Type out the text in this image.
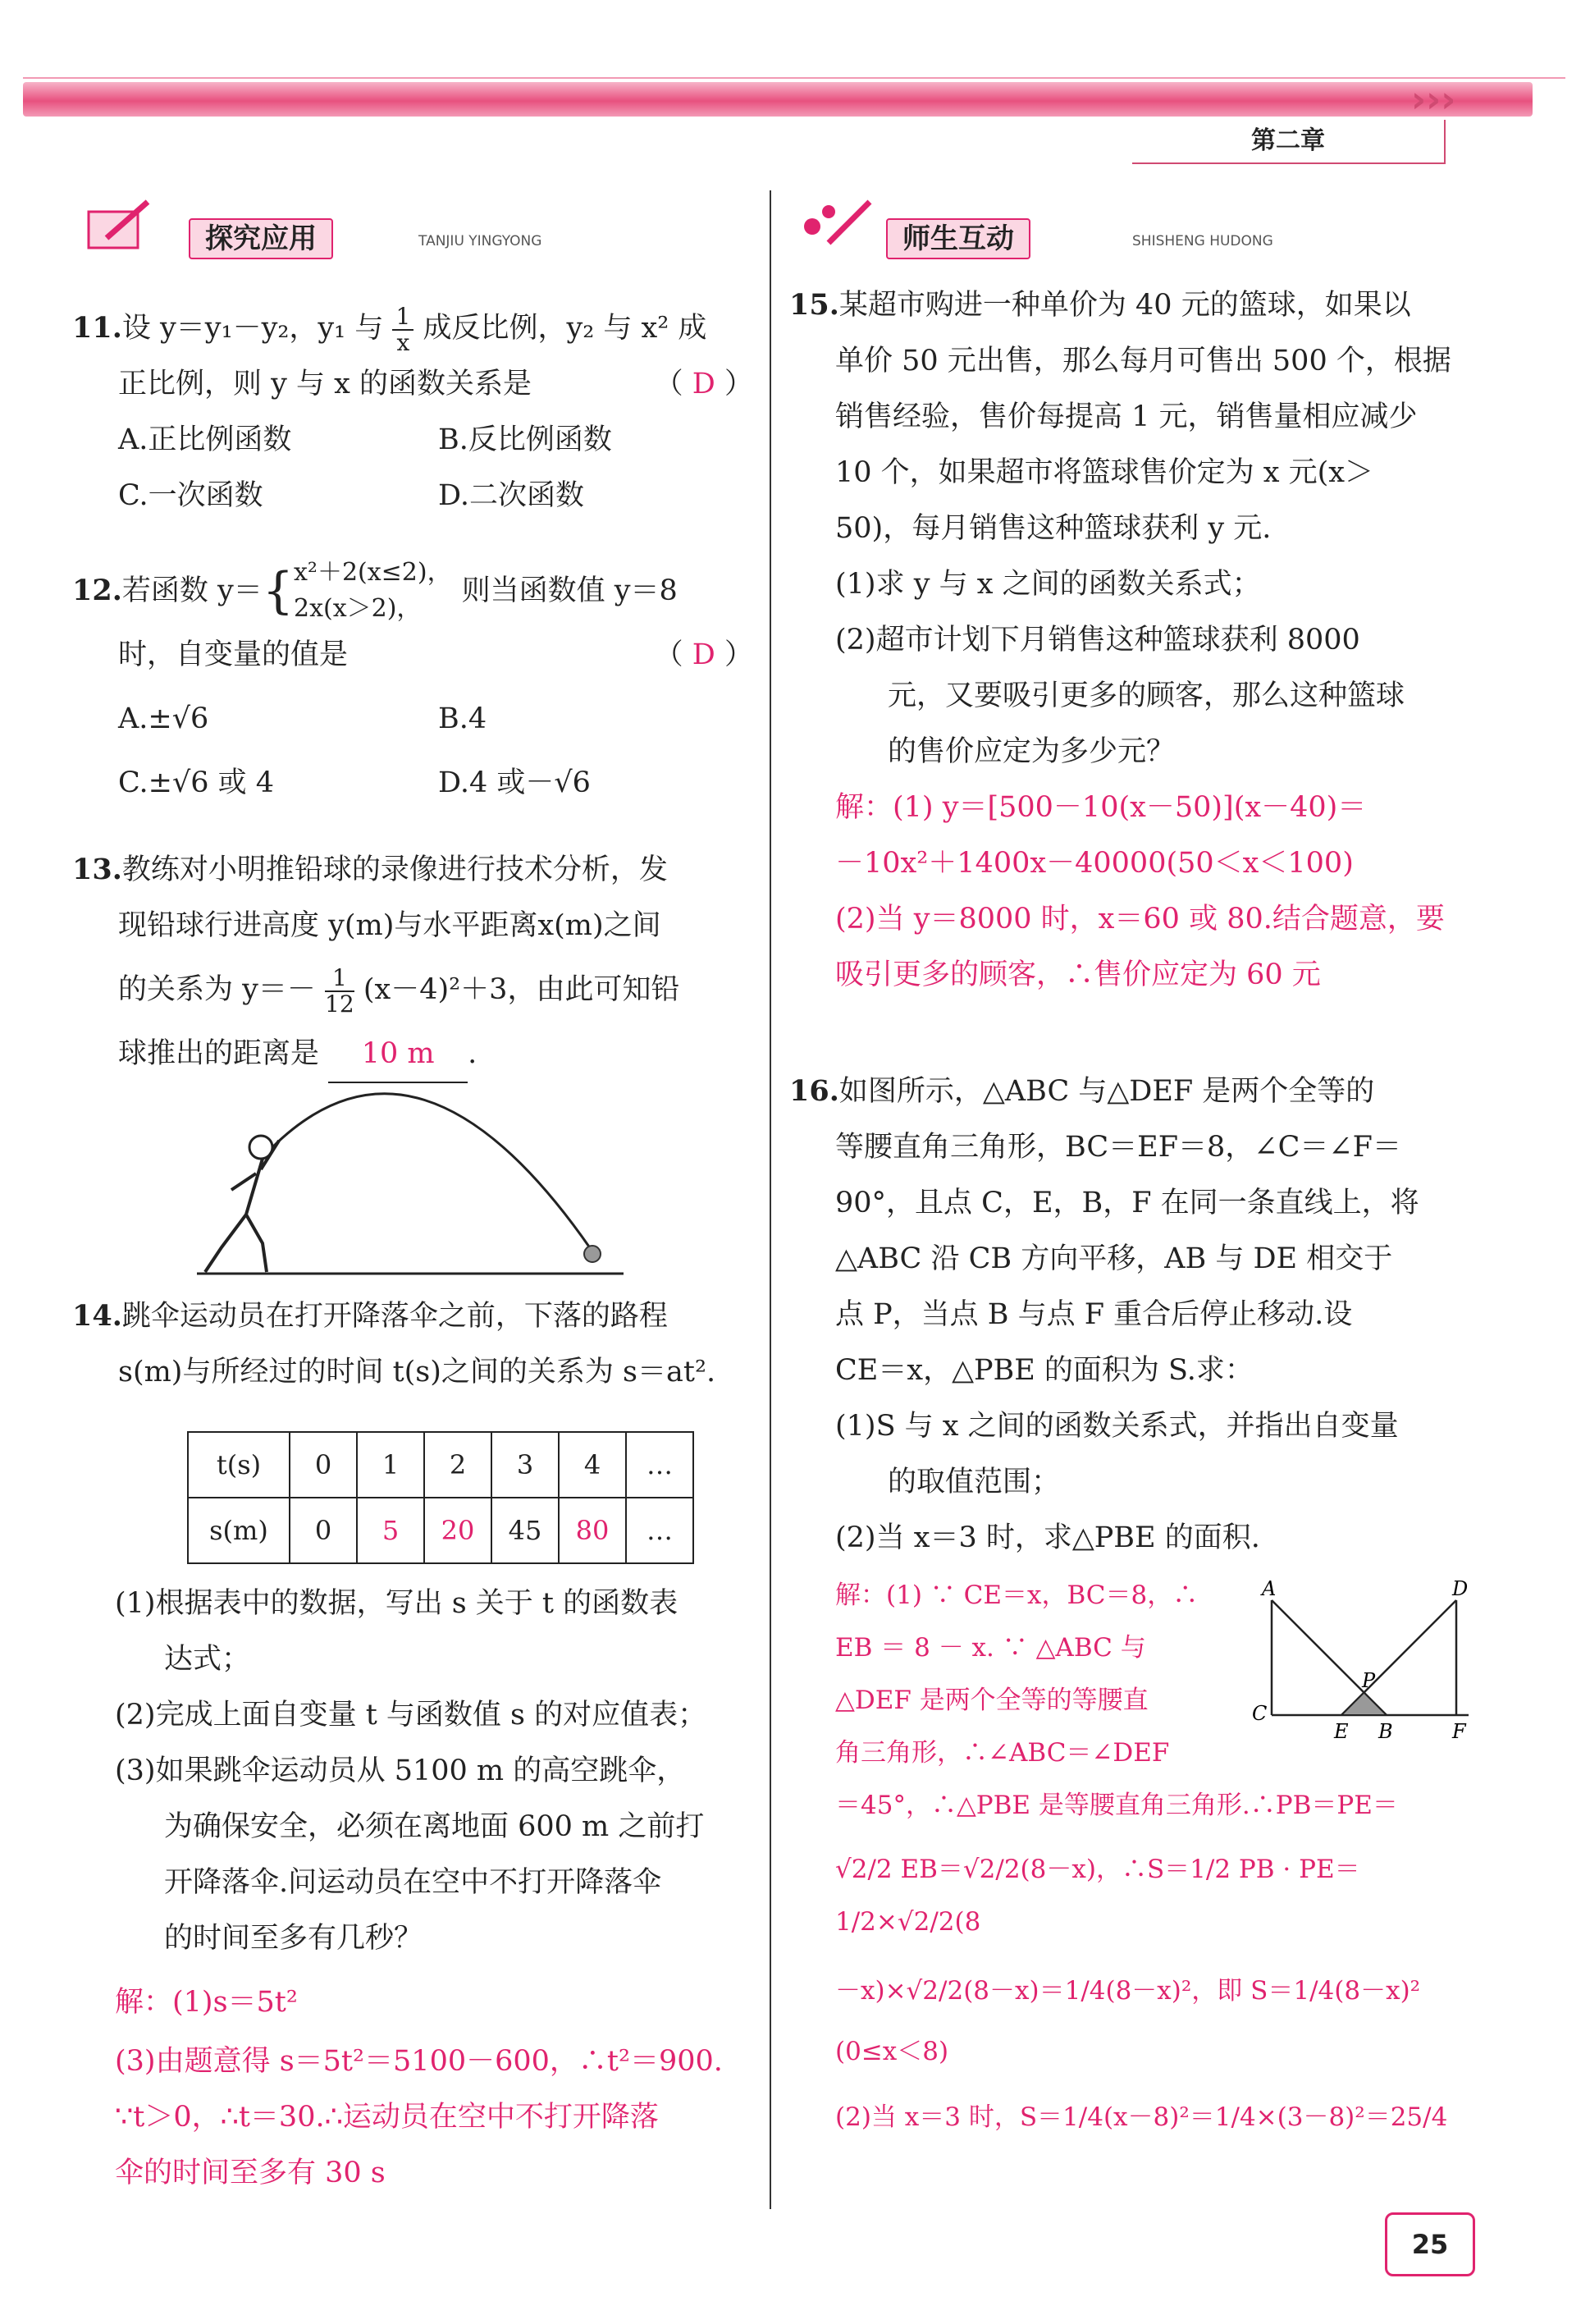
›››
第二章
探究应用	TANJIU YINGYONG	师生互动	SHISHENG HUDONG
11.设 y＝y₁－y₂，y₁ 与 $\frac{1}{x}$ 成反比例，y₂ 与 x² 成
正比例，则 y 与 x 的函数关系是	（ D ）
A.正比例函数	B.反比例函数
C.一次函数	D.二次函数
12. 若函数 y＝ { x²＋2(x≤2)，
2x(x＞2)，
则当函数值 y＝8
时，自变量的值是	（ D ）
A.±√6	B.4
C.±√6 或 4	D.4 或－√6
13.教练对小明推铅球的录像进行技术分析，发
现铅球行进高度 y(m)与水平距离x(m)之间
的关系为 $y=- \frac{1}{12} (x-4)^2+3$，由此可知铅
球推出的距离是 10 m .
14.跳伞运动员在打开降落伞之前，下落的路程
s(m)与所经过的时间 t(s)之间的关系为 s＝at².
t(s)	0	1	2	3	4	…
s(m)	0	5	20	45	80	…
(1)根据表中的数据，写出 s 关于 t 的函数表
达式；
(2)完成上面自变量 t 与函数值 s 的对应值表；
(3)如果跳伞运动员从 5100 m 的高空跳伞，
为确保安全，必须在离地面 600 m 之前打
开降落伞.问运动员在空中不打开降落伞
的时间至多有几秒？
解：(1)s＝5t²
(3)由题意得 s＝5t²＝5100－600，∴t²＝900.
∵t＞0，∴t＝30.∴运动员在空中不打开降落
伞的时间至多有 30 s
15.某超市购进一种单价为 40 元的篮球，如果以
单价 50 元出售，那么每月可售出 500 个，根据
销售经验，售价每提高 1 元，销售量相应减少
10 个，如果超市将篮球售价定为 x 元(x＞
50)，每月销售这种篮球获利 y 元.
(1)求 y 与 x 之间的函数关系式；
(2)超市计划下月销售这种篮球获利 8000
元，又要吸引更多的顾客，那么这种篮球
的售价应定为多少元？
解：(1) y＝[500－10(x－50)](x－40)＝
－10x²＋1400x－40000(50＜x＜100)
(2)当 y＝8000 时，x＝60 或 80.结合题意，要
吸引更多的顾客，∴售价应定为 60 元
16.如图所示，△ABC 与△DEF 是两个全等的
等腰直角三角形，BC＝EF＝8，∠C＝∠F＝
90°，且点 C，E，B，F 在同一条直线上，将
△ABC 沿 CB 方向平移，AB 与 DE 相交于
点 P，当点 B 与点 F 重合后停止移动.设
CE＝x，△PBE 的面积为 S.求：
(1)S 与 x 之间的函数关系式，并指出自变量
的取值范围；
(2)当 x＝3 时，求△PBE 的面积.
解：(1) ∵ CE＝x，BC＝8，∴
EB ＝ 8 － x. ∵ △ABC 与
△DEF 是两个全等的等腰直
角三角形，∴∠ABC＝∠DEF
＝45°，∴△PBE 是等腰直角三角形.∴PB＝PE＝
√2/2 EB＝√2/2(8－x)，∴S＝1/2 PB · PE＝1/2×√2/2(8
－x)×√2/2(8－x)＝1/4(8－x)²，即 S＝1/4(8－x)²
(0≤x＜8)
(2)当 x＝3 时，S＝1/4(x－8)²＝1/4×(3－8)²＝25/4
A	D
P
C
E B	F
25
